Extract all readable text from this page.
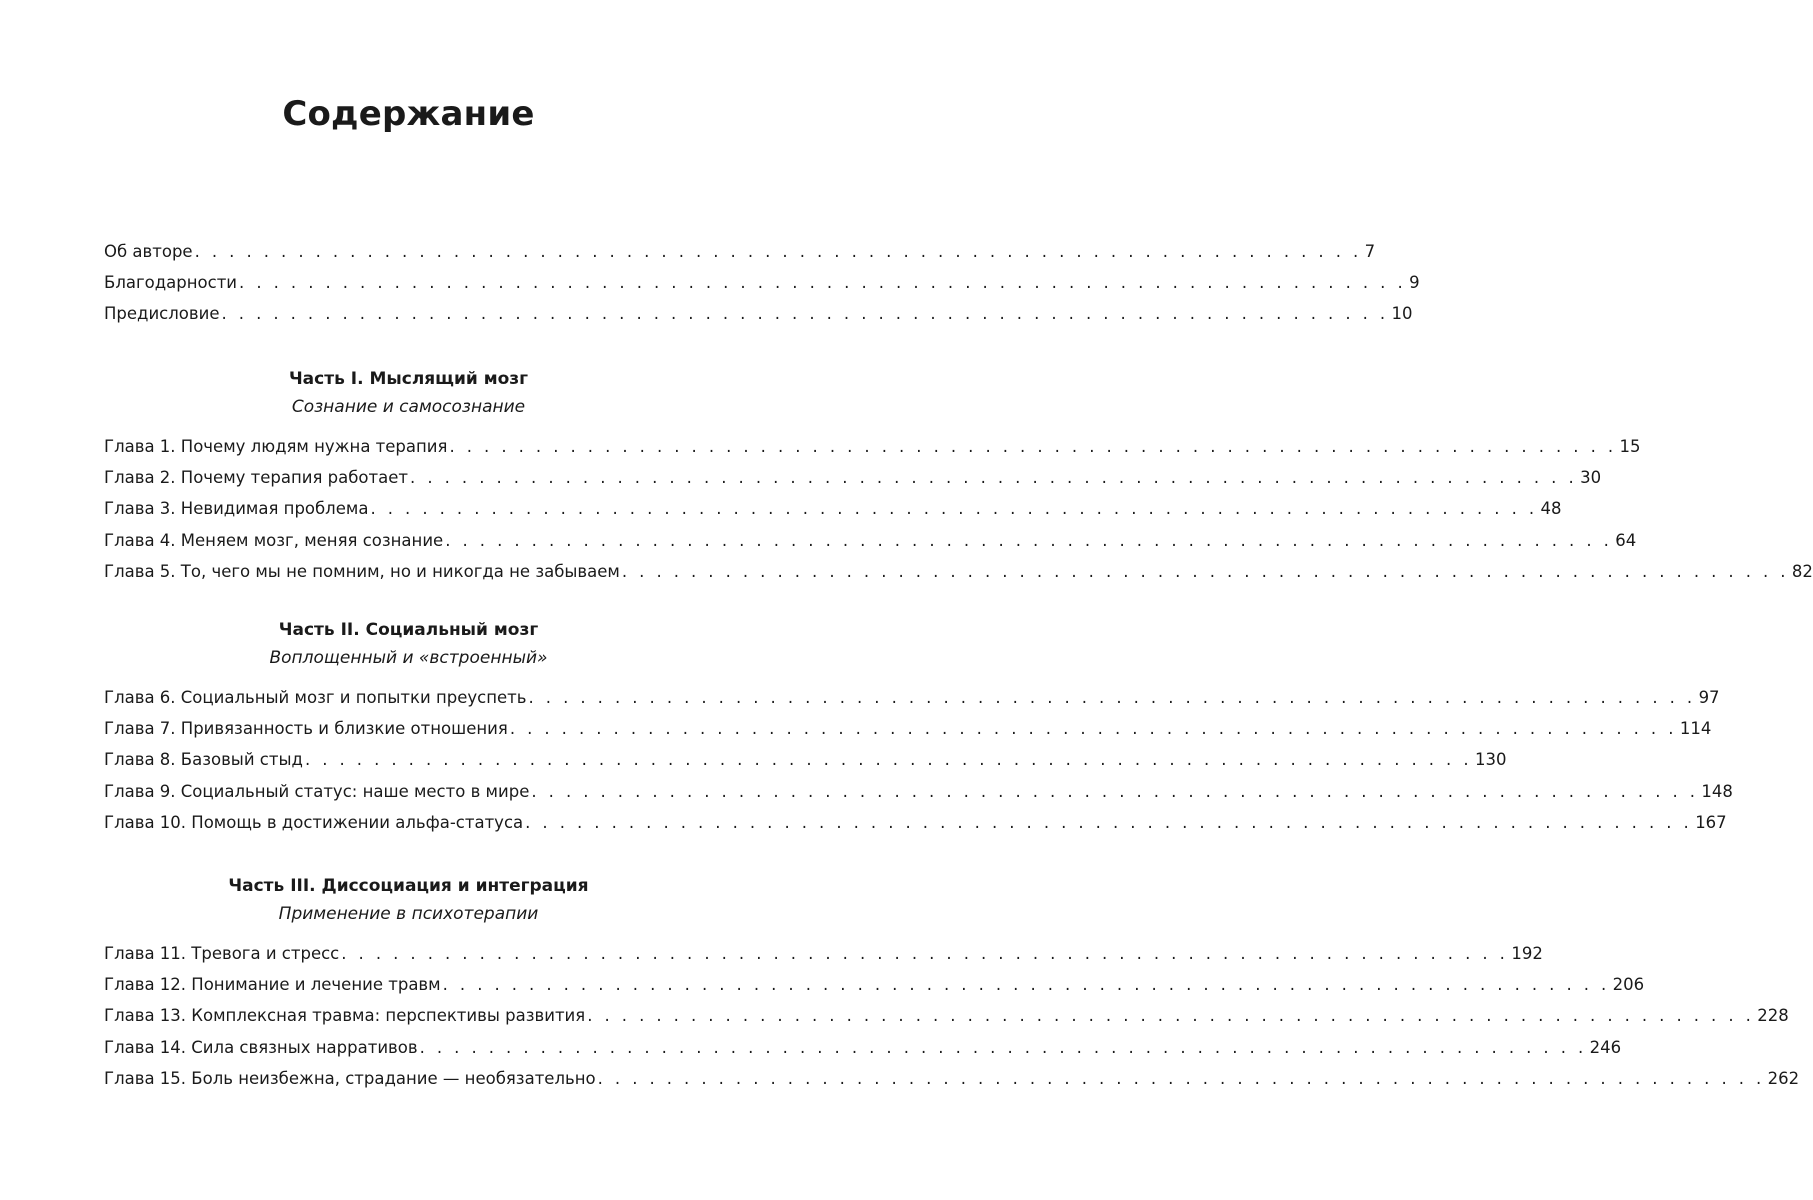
Содержание
Об авторе . . . . . . . . . . . . . . . . . . . . . . . . . . . . . . . . . . . . . . . . . . . . . . . . . . . . . . . . . . . . . . . . . . . . 7
Благодарности . . . . . . . . . . . . . . . . . . . . . . . . . . . . . . . . . . . . . . . . . . . . . . . . . . . . . . . . . . . . . . . . . . . . 9
Предисловие . . . . . . . . . . . . . . . . . . . . . . . . . . . . . . . . . . . . . . . . . . . . . . . . . . . . . . . . . . . . . . . . . . . . 10
Часть I. Мыслящий мозг
Сознание и самосознание
Глава 1. Почему людям нужна терапия . . . . . . . . . . . . . . . . . . . . . . . . . . . . . . . . . . . . . . . . . . . . . . . . . . . . . . . . . . . . . . . . . . . . 15
Глава 2. Почему терапия работает . . . . . . . . . . . . . . . . . . . . . . . . . . . . . . . . . . . . . . . . . . . . . . . . . . . . . . . . . . . . . . . . . . . . 30
Глава 3. Невидимая проблема . . . . . . . . . . . . . . . . . . . . . . . . . . . . . . . . . . . . . . . . . . . . . . . . . . . . . . . . . . . . . . . . . . . . 48
Глава 4. Меняем мозг, меняя сознание . . . . . . . . . . . . . . . . . . . . . . . . . . . . . . . . . . . . . . . . . . . . . . . . . . . . . . . . . . . . . . . . . . . . 64
Глава 5. То, чего мы не помним, но и никогда не забываем . . . . . . . . . . . . . . . . . . . . . . . . . . . . . . . . . . . . . . . . . . . . . . . . . . . . . . . . . . . . . . . . . . . . 82
Часть II. Социальный мозг
Воплощенный и «встроенный»
Глава 6. Социальный мозг и попытки преуспеть . . . . . . . . . . . . . . . . . . . . . . . . . . . . . . . . . . . . . . . . . . . . . . . . . . . . . . . . . . . . . . . . . . . . 97
Глава 7. Привязанность и близкие отношения . . . . . . . . . . . . . . . . . . . . . . . . . . . . . . . . . . . . . . . . . . . . . . . . . . . . . . . . . . . . . . . . . . . . 114
Глава 8. Базовый стыд . . . . . . . . . . . . . . . . . . . . . . . . . . . . . . . . . . . . . . . . . . . . . . . . . . . . . . . . . . . . . . . . . . . . 130
Глава 9. Социальный статус: наше место в мире . . . . . . . . . . . . . . . . . . . . . . . . . . . . . . . . . . . . . . . . . . . . . . . . . . . . . . . . . . . . . . . . . . . . 148
Глава 10. Помощь в достижении альфа-статуса . . . . . . . . . . . . . . . . . . . . . . . . . . . . . . . . . . . . . . . . . . . . . . . . . . . . . . . . . . . . . . . . . . . . 167
Часть III. Диссоциация и интеграция
Применение в психотерапии
Глава 11. Тревога и стресс . . . . . . . . . . . . . . . . . . . . . . . . . . . . . . . . . . . . . . . . . . . . . . . . . . . . . . . . . . . . . . . . . . . . 192
Глава 12. Понимание и лечение травм . . . . . . . . . . . . . . . . . . . . . . . . . . . . . . . . . . . . . . . . . . . . . . . . . . . . . . . . . . . . . . . . . . . . 206
Глава 13. Комплексная травма: перспективы развития . . . . . . . . . . . . . . . . . . . . . . . . . . . . . . . . . . . . . . . . . . . . . . . . . . . . . . . . . . . . . . . . . . . . 228
Глава 14. Сила связных нарративов . . . . . . . . . . . . . . . . . . . . . . . . . . . . . . . . . . . . . . . . . . . . . . . . . . . . . . . . . . . . . . . . . . . . 246
Глава 15. Боль неизбежна, страдание — необязательно . . . . . . . . . . . . . . . . . . . . . . . . . . . . . . . . . . . . . . . . . . . . . . . . . . . . . . . . . . . . . . . . . . . . 262
